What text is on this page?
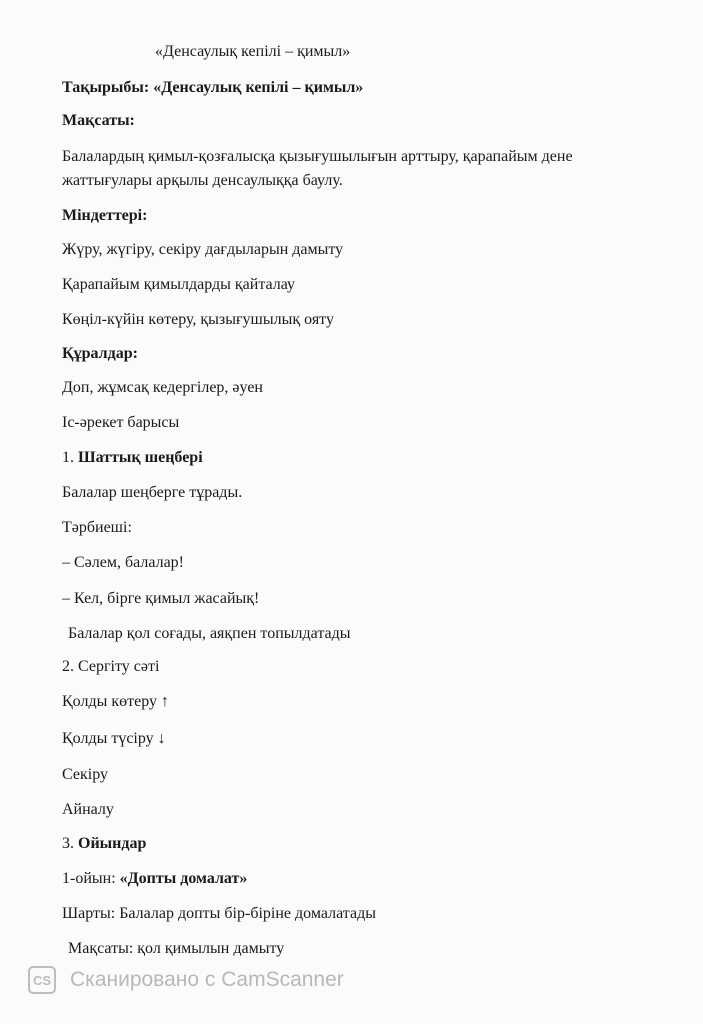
«Денсаулық кепілі – қимыл»
Тақырыбы: «Денсаулық кепілі – қимыл»
Мақсаты:
Балалардың қимыл-қозғалысқа қызығушылығын арттыру, қарапайым дене
жаттығулары арқылы денсаулыққа баулу.
Міндеттері:
Жүру, жүгіру, секіру дағдыларын дамыту
Қарапайым қимылдарды қайталау
Көңіл-күйін көтеру, қызығушылық ояту
Құралдар:
Доп, жұмсақ кедергілер, әуен
Іс-әрекет барысы
1. Шаттық шеңбері
Балалар шеңберге тұрады.
Тәрбиеші:
– Сәлем, балалар!
– Кел, бірге қимыл жасайық!
Балалар қол соғады, аяқпен топылдатады
2. Сергіту сәті
Қолды көтеру ↑
Қолды түсіру ↓
Секіру
Айналу
3. Ойындар
1-ойын: «Допты домалат»
Шарты: Балалар допты бір-біріне домалатады
Мақсаты: қол қимылын дамыту
CS Сканировано с CamScanner
